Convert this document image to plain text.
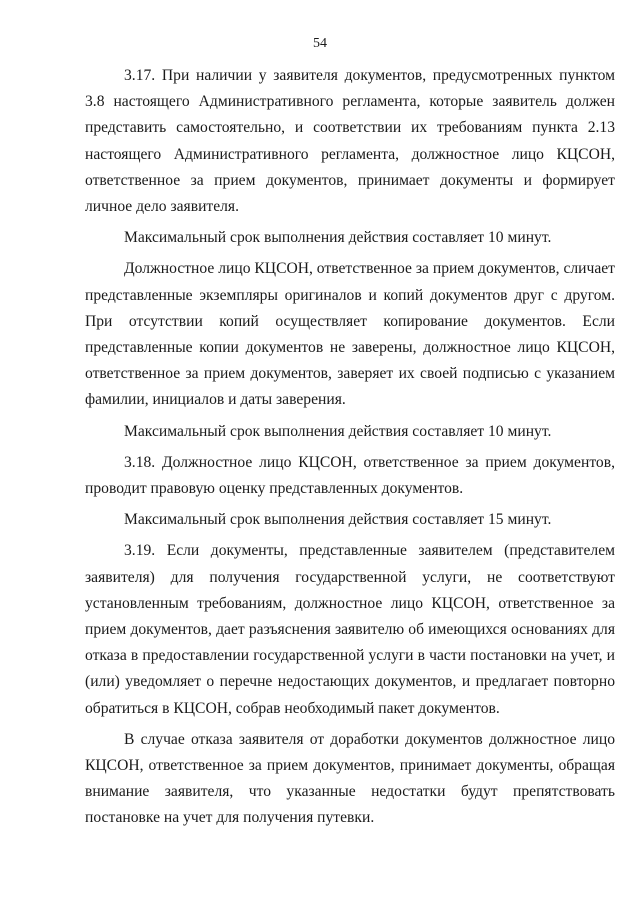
54

3.17. При наличии у заявителя документов, предусмотренных пунктом 3.8 настоящего Административного регламента, которые заявитель должен представить самостоятельно, и соответствии их требованиям пункта 2.13 настоящего Административного регламента, должностное лицо КЦСОН, ответственное за прием документов, принимает документы и формирует личное дело заявителя.

Максимальный срок выполнения действия составляет 10 минут.

Должностное лицо КЦСОН, ответственное за прием документов, сличает представленные экземпляры оригиналов и копий документов друг с другом. При отсутствии копий осуществляет копирование документов. Если представленные копии документов не заверены, должностное лицо КЦСОН, ответственное за прием документов, заверяет их своей подписью с указанием фамилии, инициалов и даты заверения.

Максимальный срок выполнения действия составляет 10 минут.

3.18. Должностное лицо КЦСОН, ответственное за прием документов, проводит правовую оценку представленных документов.

Максимальный срок выполнения действия составляет 15 минут.

3.19. Если документы, представленные заявителем (представителем заявителя) для получения государственной услуги, не соответствуют установленным требованиям, должностное лицо КЦСОН, ответственное за прием документов, дает разъяснения заявителю об имеющихся основаниях для отказа в предоставлении государственной услуги в части постановки на учет, и (или) уведомляет о перечне недостающих документов, и предлагает повторно обратиться в КЦСОН, собрав необходимый пакет документов.

В случае отказа заявителя от доработки документов должностное лицо КЦСОН, ответственное за прием документов, принимает документы, обращая внимание заявителя, что указанные недостатки будут препятствовать постановке на учет для получения путевки.
